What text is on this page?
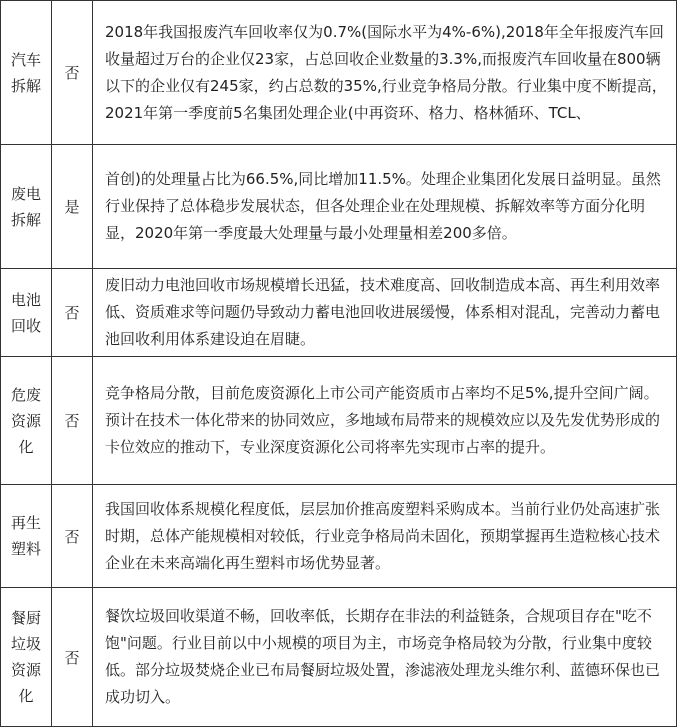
汽车
拆解	否	2018年我国报废汽车回收率仅为0.7%(国际水平为4%-6%),2018年全年报废汽车回收量超过万台的企业仅23家，占总回收企业数量的3.3%,而报废汽车回收量在800辆以下的企业仅有245家，约占总数的35%,行业竞争格局分散。行业集中度不断提高，2021年第一季度前5名集团处理企业(中再资环、格力、格林循环、TCL、

废电
拆解	是	首创)的处理量占比为66.5%,同比增加11.5%。处理企业集团化发展日益明显。虽然行业保持了总体稳步发展状态，但各处理企业在处理规模、拆解效率等方面分化明显，2020年第一季度最大处理量与最小处理量相差200多倍。

电池
回收	否	废旧动力电池回收市场规模增长迅猛，技术难度高、回收制造成本高、再生利用效率低、资质难求等问题仍导致动力蓄电池回收进展缓慢，体系相对混乱，完善动力蓄电池回收利用体系建设迫在眉睫。

危废
资源
化	否	竞争格局分散，目前危废资源化上市公司产能资质市占率均不足5%,提升空间广阔。预计在技术一体化带来的协同效应，多地域布局带来的规模效应以及先发优势形成的卡位效应的推动下，专业深度资源化公司将率先实现市占率的提升。

再生
塑料	否	我国回收体系规模化程度低，层层加价推高废塑料采购成本。当前行业仍处高速扩张时期，总体产能规模相对较低，行业竞争格局尚未固化，预期掌握再生造粒核心技术企业在未来高端化再生塑料市场优势显著。

餐厨
垃圾
资源
化	否	餐饮垃圾回收渠道不畅，回收率低，长期存在非法的利益链条，合规项目存在"吃不饱"问题。行业目前以中小规模的项目为主，市场竞争格局较为分散，行业集中度较低。部分垃圾焚烧企业已布局餐厨垃圾处置，渗滤液处理龙头维尔利、蓝德环保也已成功切入。
